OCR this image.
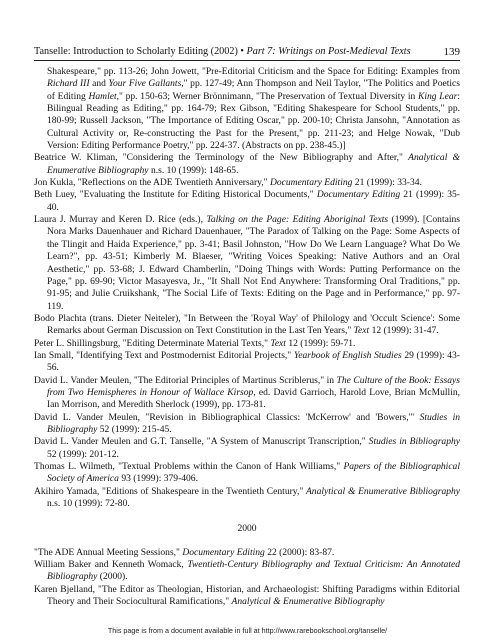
Tanselle: Introduction to Scholarly Editing (2002) • Part 7: Writings on Post-Medieval Texts	139

Shakespeare," pp. 113-26; John Jowett, "Pre-Editorial Criticism and the Space for Editing: Examples from Richard III and Your Five Gallants," pp. 127-49; Ann Thompson and Neil Taylor, "The Politics and Poetics of Editing Hamlet," pp. 150-63; Werner Brönnimann, "The Preservation of Textual Diversity in King Lear: Bilingual Reading as Editing," pp. 164-79; Rex Gibson, "Editing Shakespeare for School Students," pp. 180-99; Russell Jackson, "The Importance of Editing Oscar," pp. 200-10; Christa Jansohn, "Annotation as Cultural Activity or, Re-constructing the Past for the Present," pp. 211-23; and Helge Nowak, "Dub Version: Editing Performance Poetry," pp. 224-37. (Abstracts on pp. 238-45.)]

Beatrice W. Kliman, "Considering the Terminology of the New Bibliography and After," Analytical & Enumerative Bibliography n.s. 10 (1999): 148-65.

Jon Kukla, "Reflections on the ADE Twentieth Anniversary," Documentary Editing 21 (1999): 33-34.

Beth Luey, "Evaluating the Institute for Editing Historical Documents," Documentary Editing 21 (1999): 35-40.

Laura J. Murray and Keren D. Rice (eds.), Talking on the Page: Editing Aboriginal Texts (1999). [Contains Nora Marks Dauenhauer and Richard Dauenhauer, "The Paradox of Talking on the Page: Some Aspects of the Tlingit and Haida Experience," pp. 3-41; Basil Johnston, "How Do We Learn Language? What Do We Learn?", pp. 43-51; Kimberly M. Blaeser, "Writing Voices Speaking: Native Authors and an Oral Aesthetic," pp. 53-68; J. Edward Chamberlin, "Doing Things with Words: Putting Performance on the Page," pp. 69-90; Victor Masayesva, Jr., "It Shall Not End Anywhere: Transforming Oral Traditions," pp. 91-95; and Julie Cruikshank, "The Social Life of Texts: Editing on the Page and in Performance," pp. 97-119.

Bodo Plachta (trans. Dieter Neiteler), "In Between the 'Royal Way' of Philology and 'Occult Science': Some Remarks about German Discussion on Text Constitution in the Last Ten Years," Text 12 (1999): 31-47.

Peter L. Shillingsburg, "Editing Determinate Material Texts," Text 12 (1999): 59-71.

Ian Small, "Identifying Text and Postmodernist Editorial Projects," Yearbook of English Studies 29 (1999): 43-56.

David L. Vander Meulen, "The Editorial Principles of Martinus Scriblerus," in The Culture of the Book: Essays from Two Hemispheres in Honour of Wallace Kirsop, ed. David Garrioch, Harold Love, Brian McMullin, Ian Morrison, and Meredith Sherlock (1999), pp. 173-81.

David L. Vander Meulen, "Revision in Bibliographical Classics: 'McKerrow' and 'Bowers,'" Studies in Bibliography 52 (1999): 215-45.

David L. Vander Meulen and G.T. Tanselle, "A System of Manuscript Transcription," Studies in Bibliography 52 (1999): 201-12.

Thomas L. Wilmeth, "Textual Problems within the Canon of Hank Williams," Papers of the Bibliographical Society of America 93 (1999): 379-406.

Akihiro Yamada, "Editions of Shakespeare in the Twentieth Century," Analytical & Enumerative Bibliography n.s. 10 (1999): 72-80.

2000

"The ADE Annual Meeting Sessions," Documentary Editing 22 (2000): 83-87.

William Baker and Kenneth Womack, Twentieth-Century Bibliography and Textual Criticism: An Annotated Bibliography (2000).

Karen Bjelland, "The Editor as Theologian, Historian, and Archaeologist: Shifting Paradigms within Editorial Theory and Their Sociocultural Ramifications," Analytical & Enumerative Bibliography

This page is from a document available in full at http://www.rarebookschool.org/tanselle/
